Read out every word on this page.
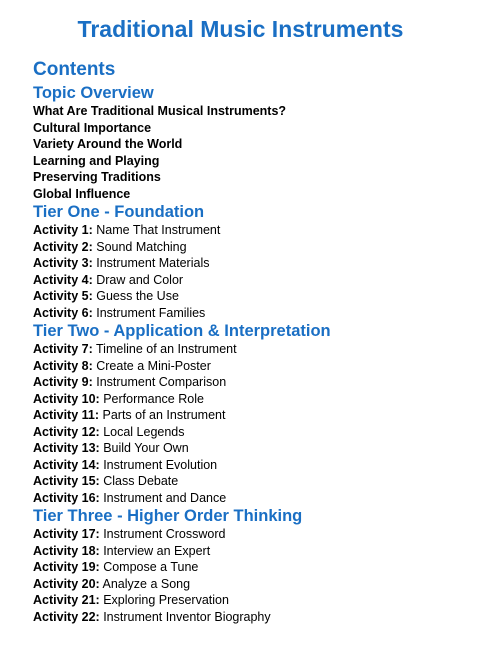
Traditional Music Instruments
Contents
Topic Overview
What Are Traditional Musical Instruments?
Cultural Importance
Variety Around the World
Learning and Playing
Preserving Traditions
Global Influence
Tier One - Foundation
Activity 1: Name That Instrument
Activity 2: Sound Matching
Activity 3: Instrument Materials
Activity 4: Draw and Color
Activity 5: Guess the Use
Activity 6: Instrument Families
Tier Two - Application & Interpretation
Activity 7: Timeline of an Instrument
Activity 8: Create a Mini-Poster
Activity 9: Instrument Comparison
Activity 10: Performance Role
Activity 11: Parts of an Instrument
Activity 12: Local Legends
Activity 13: Build Your Own
Activity 14: Instrument Evolution
Activity 15: Class Debate
Activity 16: Instrument and Dance
Tier Three - Higher Order Thinking
Activity 17: Instrument Crossword
Activity 18: Interview an Expert
Activity 19: Compose a Tune
Activity 20: Analyze a Song
Activity 21: Exploring Preservation
Activity 22: Instrument Inventor Biography
